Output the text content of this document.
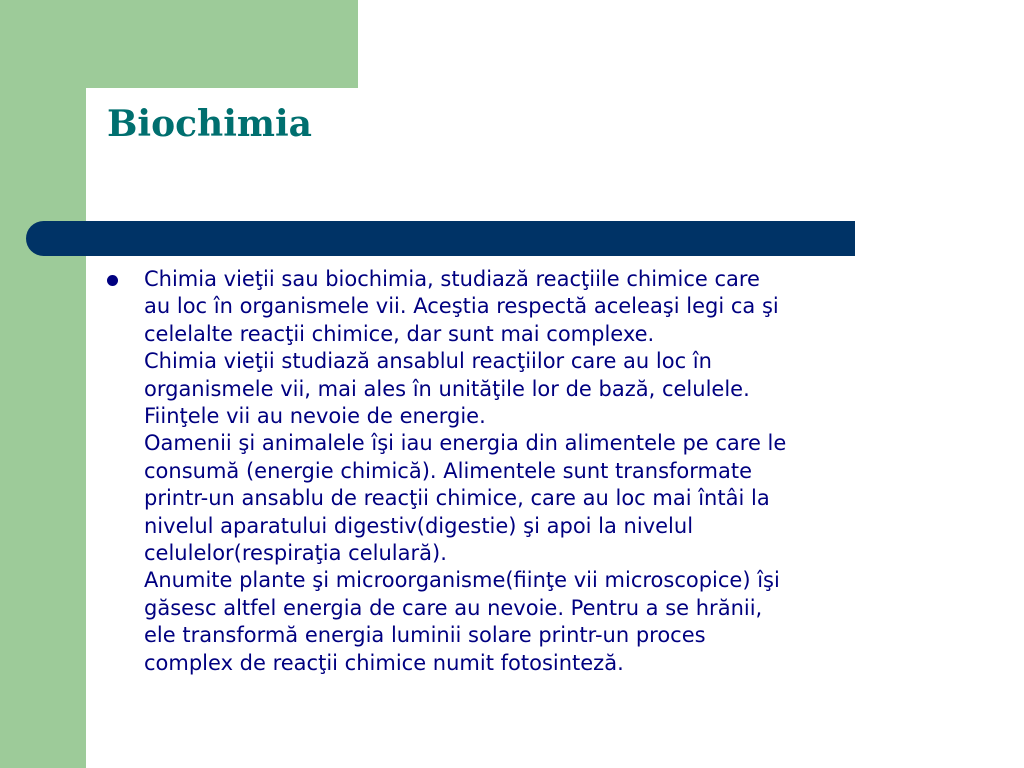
Biochimia

Chimia vieţii sau biochimia, studiază reacţiile chimice care
au loc în organismele vii. Aceştia respectă aceleaşi legi ca şi
celelalte reacţii chimice, dar sunt mai complexe.
Chimia vieţii studiază ansablul reacţiilor care au loc în
organismele vii, mai ales în unităţile lor de bază, celulele.
Fiinţele vii au nevoie de energie.
Oamenii şi animalele îşi iau energia din alimentele pe care le
consumă (energie chimică). Alimentele sunt transformate
printr-un ansablu de reacţii chimice, care au loc mai întâi la
nivelul aparatului digestiv(digestie) şi apoi la nivelul
celulelor(respiraţia celulară).
Anumite plante şi microorganisme(fiinţe vii microscopice) îşi
găsesc altfel energia de care au nevoie. Pentru a se hrănii,
ele transformă energia luminii solare printr-un proces
complex de reacţii chimice numit fotosinteză.
